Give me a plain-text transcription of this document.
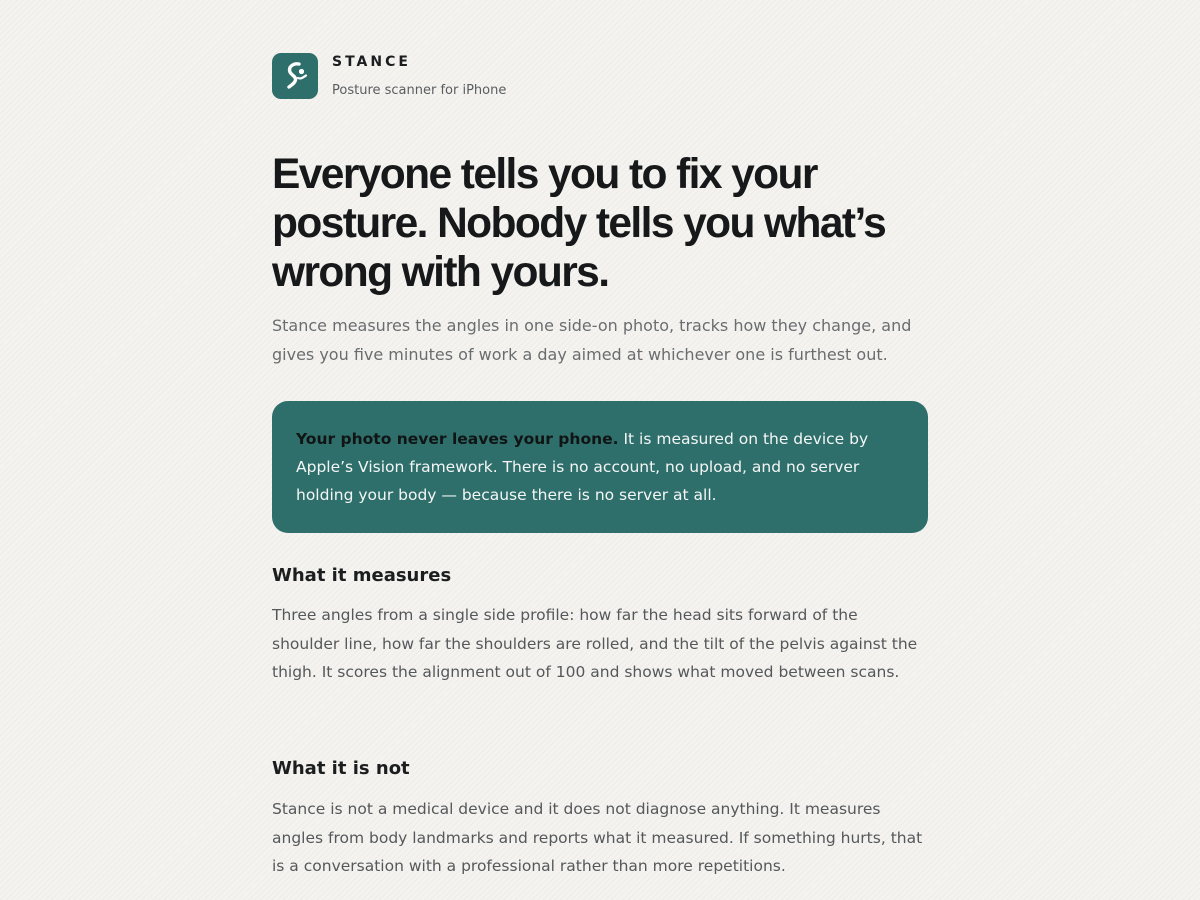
STANCE
Posture scanner for iPhone
Everyone tells you to fix your posture. Nobody tells you what’s wrong with yours.

Stance measures the angles in one side-on photo, tracks how they change, and gives you five minutes of work a day aimed at whichever one is furthest out.

Your photo never leaves your phone. It is measured on the device by Apple’s Vision framework. There is no account, no upload, and no server holding your body — because there is no server at all.
What it measures

Three angles from a single side profile: how far the head sits forward of the shoulder line, how far the shoulders are rolled, and the tilt of the pelvis against the thigh. It scores the alignment out of 100 and shows what moved between scans.

What it is not

Stance is not a medical device and it does not diagnose anything. It measures angles from body landmarks and reports what it measured. If something hurts, that is a conversation with a professional rather than more repetitions.
